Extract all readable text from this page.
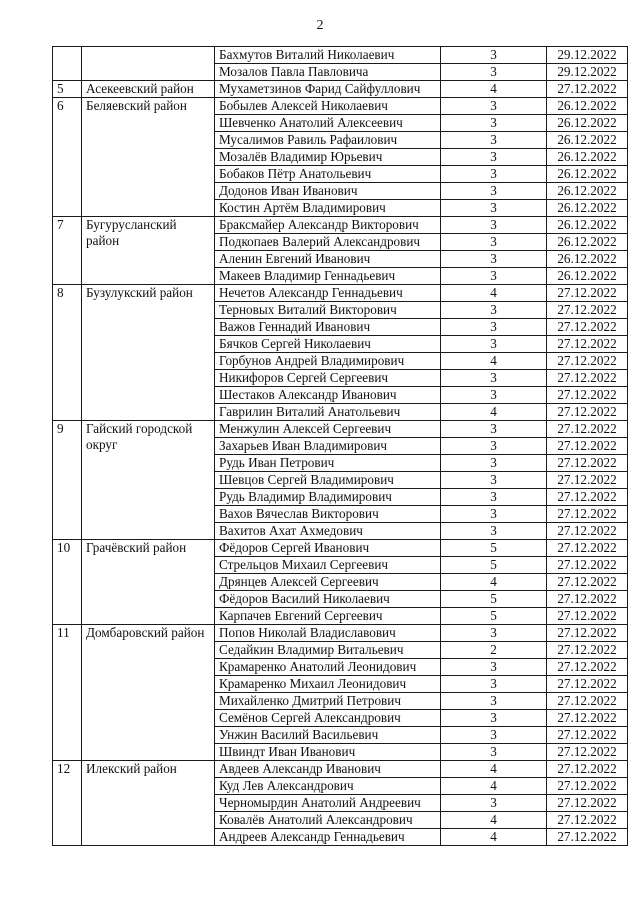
2
		Бахмутов Виталий Николаевич	3	29.12.2022
		Мозалов Павла Павловича	3	29.12.2022
5	Асекеевский район	Мухаметзинов Фарид Сайфуллович	4	27.12.2022
6	Беляевский район	Бобылев Алексей Николаевич	3	26.12.2022
		Шевченко Анатолий Алексеевич	3	26.12.2022
		Мусалимов Равиль Рафаилович	3	26.12.2022
		Мозалёв Владимир Юрьевич	3	26.12.2022
		Бобаков Пётр Анатольевич	3	26.12.2022
		Додонов Иван Иванович	3	26.12.2022
		Костин Артём Владимирович	3	26.12.2022
7	Бугурусланский район	Браксмайер Александр Викторович	3	26.12.2022
		Подкопаев Валерий Александрович	3	26.12.2022
		Аленин Евгений Иванович	3	26.12.2022
		Макеев Владимир Геннадьевич	3	26.12.2022
8	Бузулукский район	Нечетов Александр Геннадьевич	4	27.12.2022
		Терновых Виталий Викторович	3	27.12.2022
		Важов Геннадий Иванович	3	27.12.2022
		Бячков Сергей Николаевич	3	27.12.2022
		Горбунов Андрей Владимирович	4	27.12.2022
		Никифоров Сергей Сергеевич	3	27.12.2022
		Шестаков Александр Иванович	3	27.12.2022
		Гаврилин Виталий Анатольевич	4	27.12.2022
9	Гайский городской округ	Менжулин Алексей Сергеевич	3	27.12.2022
		Захарьев Иван Владимирович	3	27.12.2022
		Рудь Иван Петрович	3	27.12.2022
		Шевцов Сергей Владимирович	3	27.12.2022
		Рудь Владимир Владимирович	3	27.12.2022
		Вахов Вячеслав Викторович	3	27.12.2022
		Вахитов Ахат Ахмедович	3	27.12.2022
10	Грачёвский район	Фёдоров Сергей Иванович	5	27.12.2022
		Стрельцов Михаил Сергеевич	5	27.12.2022
		Дрянцев Алексей Сергеевич	4	27.12.2022
		Фёдоров Василий Николаевич	5	27.12.2022
		Карпачев Евгений Сергеевич	5	27.12.2022
11	Домбаровский район	Попов Николай Владиславович	3	27.12.2022
		Седайкин Владимир Витальевич	2	27.12.2022
		Крамаренко Анатолий Леонидович	3	27.12.2022
		Крамаренко Михаил Леонидович	3	27.12.2022
		Михайленко Дмитрий Петрович	3	27.12.2022
		Семёнов Сергей Александрович	3	27.12.2022
		Унжин Василий Васильевич	3	27.12.2022
		Швиндт Иван Иванович	3	27.12.2022
12	Илекский район	Авдеев Александр Иванович	4	27.12.2022
		Куд Лев Александрович	4	27.12.2022
		Черномырдин Анатолий Андреевич	3	27.12.2022
		Ковалёв Анатолий Александрович	4	27.12.2022
		Андреев Александр Геннадьевич	4	27.12.2022
